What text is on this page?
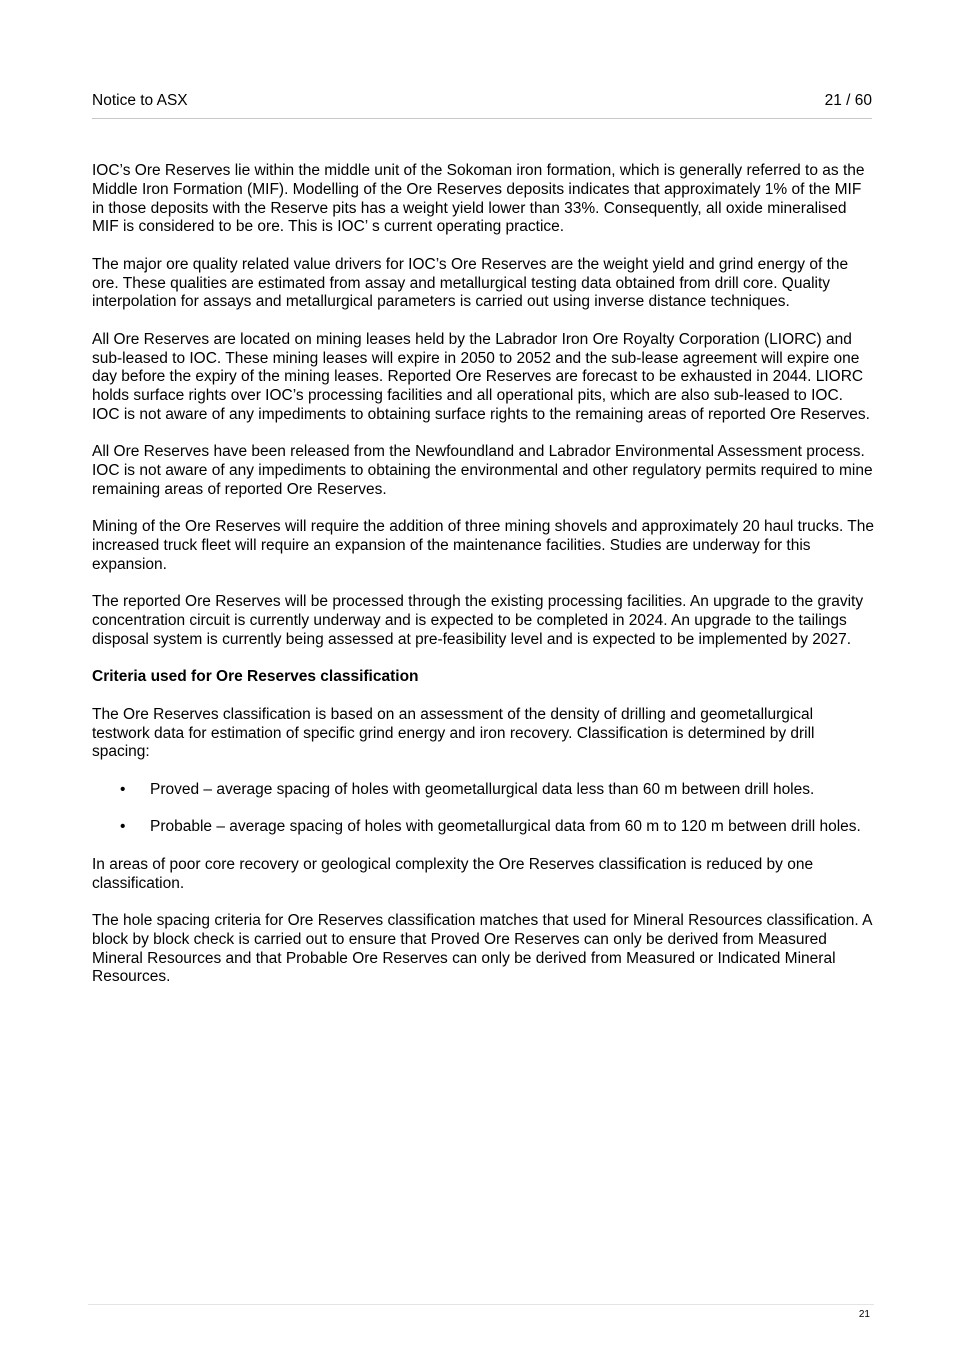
Notice to ASX	21 / 60

IOC’s Ore Reserves lie within the middle unit of the Sokoman iron formation, which is generally referred to as the Middle Iron Formation (MIF). Modelling of the Ore Reserves deposits indicates that approximately 1% of the MIF in those deposits with the Reserve pits has a weight yield lower than 33%. Consequently, all oxide mineralised MIF is considered to be ore. This is IOC’ s current operating practice.

The major ore quality related value drivers for IOC’s Ore Reserves are the weight yield and grind energy of the ore. These qualities are estimated from assay and metallurgical testing data obtained from drill core. Quality interpolation for assays and metallurgical parameters is carried out using inverse distance techniques.

All Ore Reserves are located on mining leases held by the Labrador Iron Ore Royalty Corporation (LIORC) and sub-leased to IOC. These mining leases will expire in 2050 to 2052 and the sub-lease agreement will expire one day before the expiry of the mining leases. Reported Ore Reserves are forecast to be exhausted in 2044. LIORC holds surface rights over IOC’s processing facilities and all operational pits, which are also sub-leased to IOC. IOC is not aware of any impediments to obtaining surface rights to the remaining areas of reported Ore Reserves.

All Ore Reserves have been released from the Newfoundland and Labrador Environmental Assessment process. IOC is not aware of any impediments to obtaining the environmental and other regulatory permits required to mine remaining areas of reported Ore Reserves.

Mining of the Ore Reserves will require the addition of three mining shovels and approximately 20 haul trucks. The increased truck fleet will require an expansion of the maintenance facilities. Studies are underway for this expansion.

The reported Ore Reserves will be processed through the existing processing facilities. An upgrade to the gravity concentration circuit is currently underway and is expected to be completed in 2024. An upgrade to the tailings disposal system is currently being assessed at pre-feasibility level and is expected to be implemented by 2027.

Criteria used for Ore Reserves classification

The Ore Reserves classification is based on an assessment of the density of drilling and geometallurgical testwork data for estimation of specific grind energy and iron recovery. Classification is determined by drill spacing:

• Proved – average spacing of holes with geometallurgical data less than 60 m between drill holes.
• Probable – average spacing of holes with geometallurgical data from 60 m to 120 m between drill holes.

In areas of poor core recovery or geological complexity the Ore Reserves classification is reduced by one classification.

The hole spacing criteria for Ore Reserves classification matches that used for Mineral Resources classification. A block by block check is carried out to ensure that Proved Ore Reserves can only be derived from Measured Mineral Resources and that Probable Ore Reserves can only be derived from Measured or Indicated Mineral Resources.

21
